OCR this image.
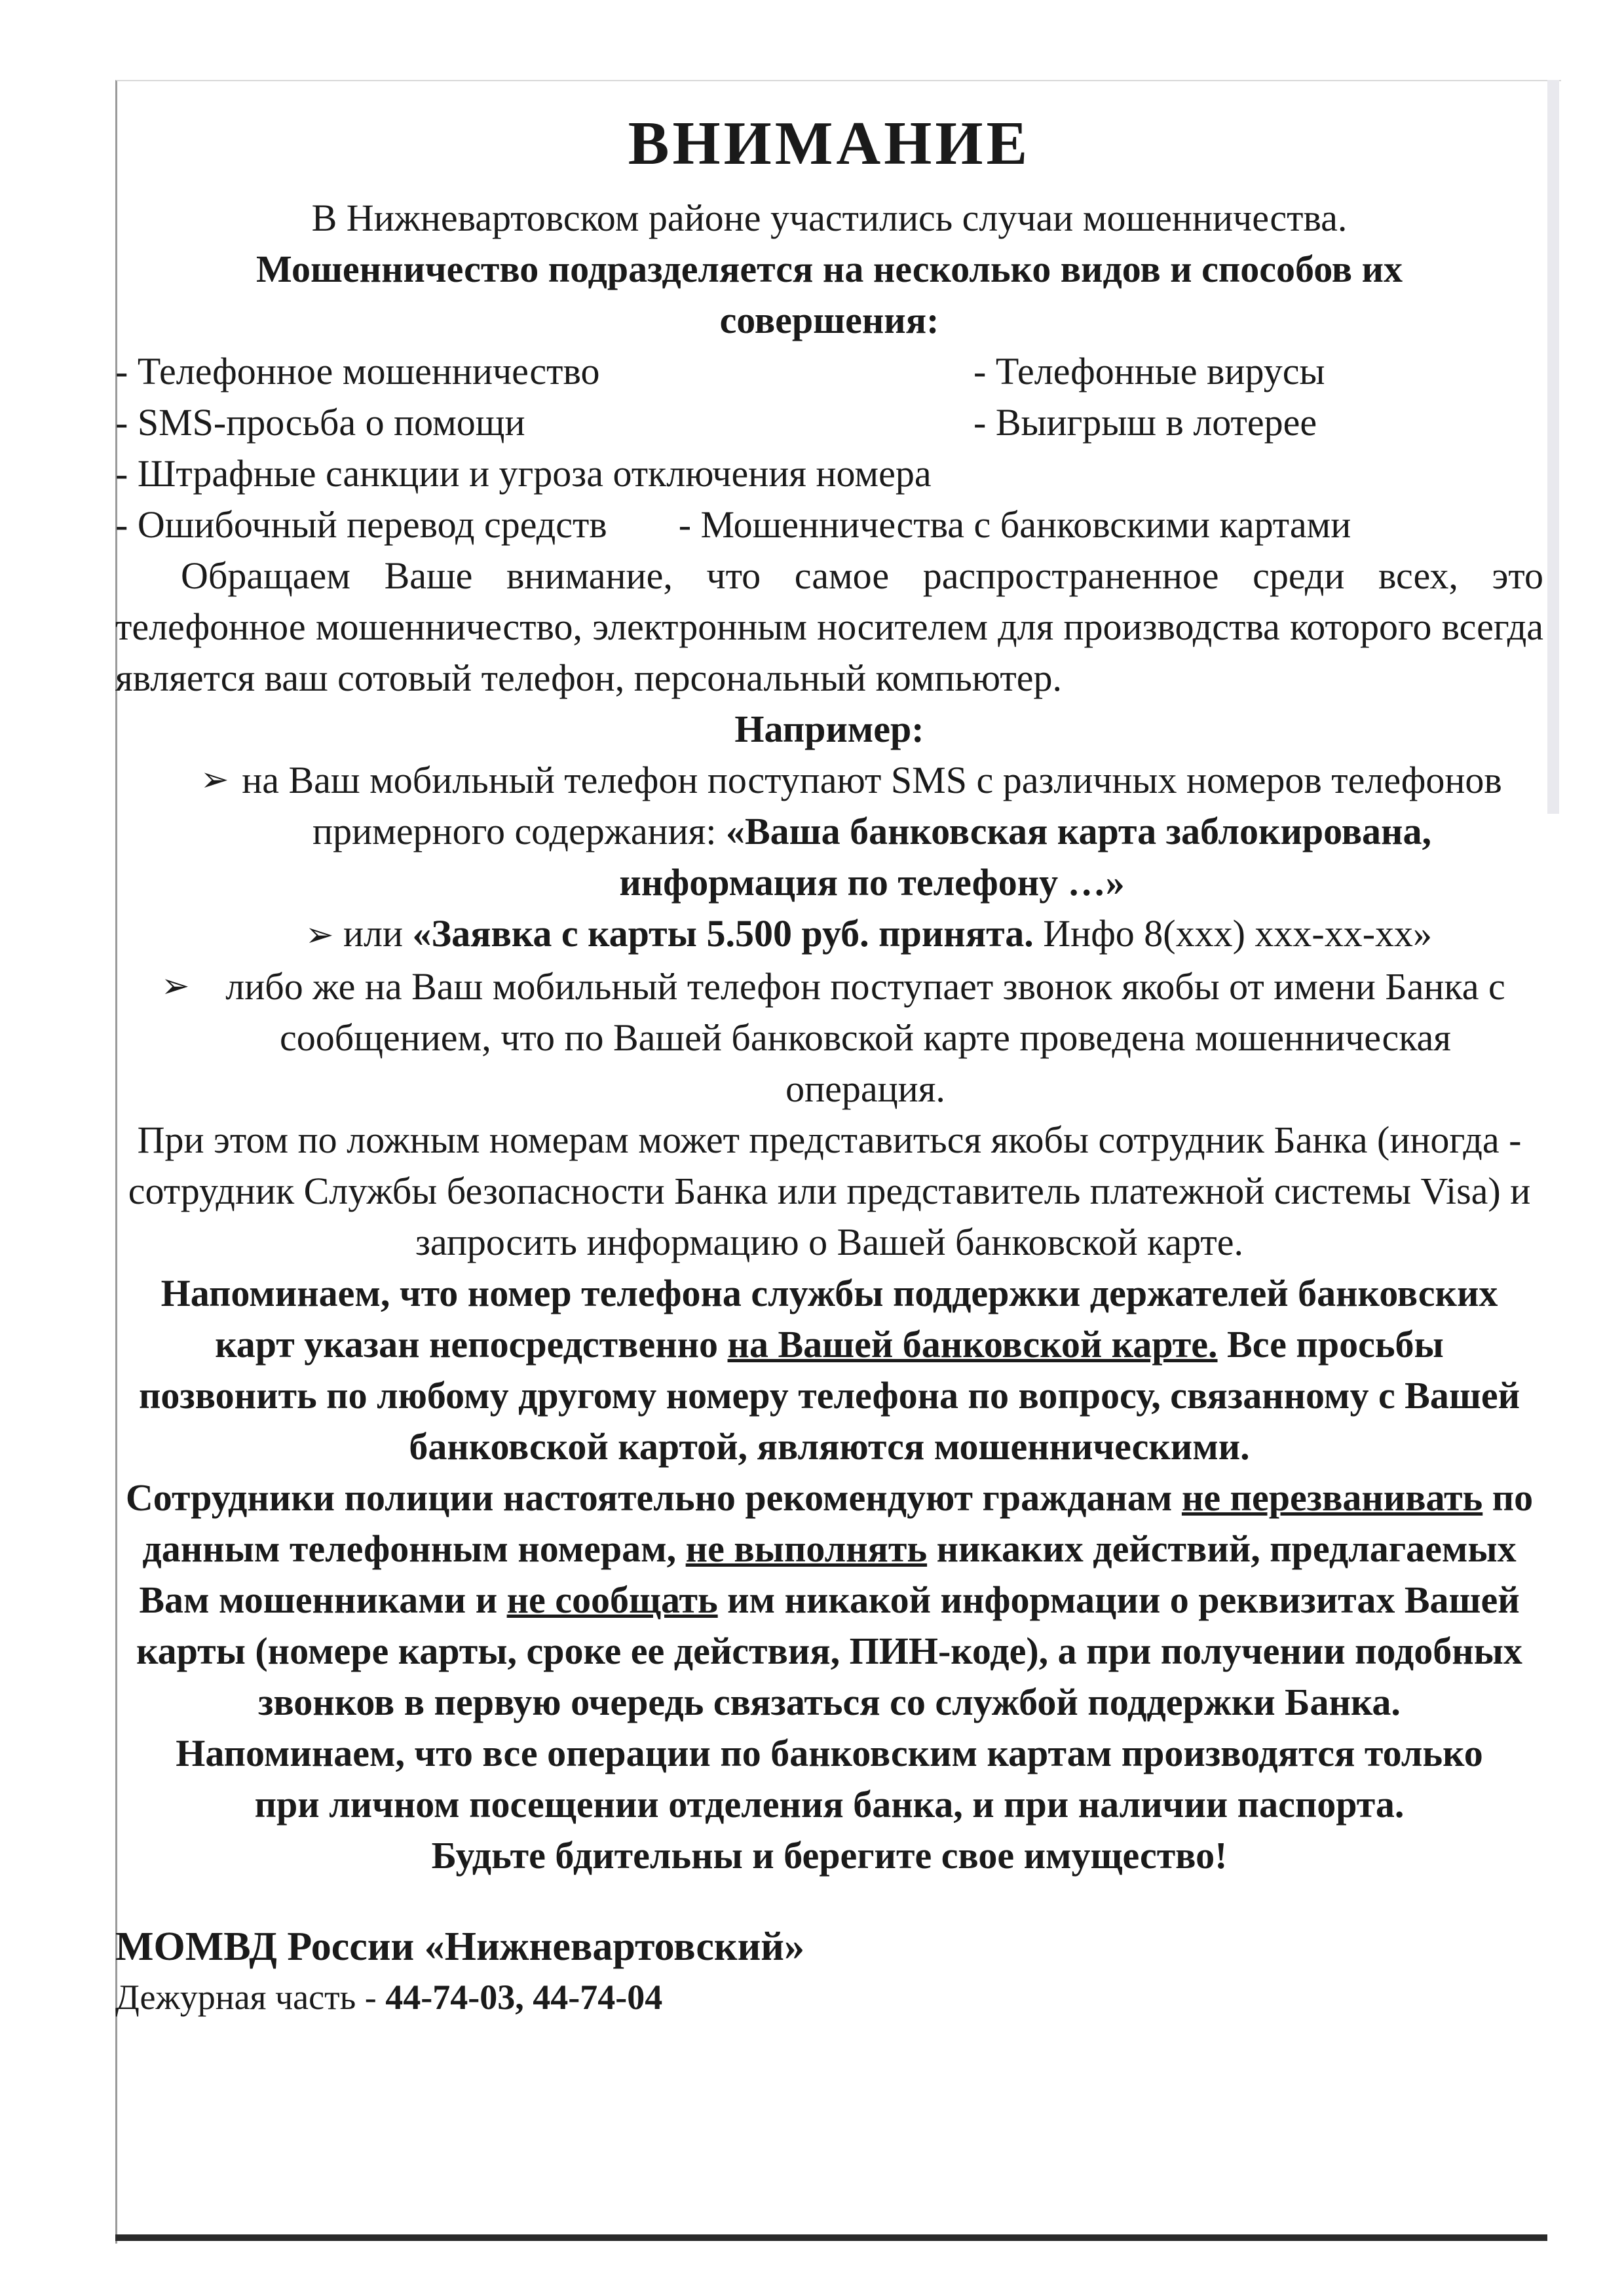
ВНИМАНИЕ
В Нижневартовском районе участились случаи мошенничества.
Мошенничество подразделяется на несколько видов и способов их совершения:
- Телефонное мошенничество	- Телефонные вирусы
- SMS-просьба о помощи	- Выигрыш в лотерее
- Штрафные санкции и угроза отключения номера
- Ошибочный перевод средств - Мошенничества с банковскими картами
Обращаем Ваше внимание, что самое распространенное среди всех, это телефонное мошенничество, электронным носителем для производства которого всегда является ваш сотовый телефон, персональный компьютер.
Например:
➢ на Ваш мобильный телефон поступают SMS с различных номеров телефонов примерного содержания: «Ваша банковская карта заблокирована, информация по телефону …»
➢ или «Заявка с карты 5.500 руб. принята. Инфо 8(ххх) ххх-хх-хх»
➢ либо же на Ваш мобильный телефон поступает звонок якобы от имени Банка с сообщением, что по Вашей банковской карте проведена мошенническая операция.
При этом по ложным номерам может представиться якобы сотрудник Банка (иногда - сотрудник Службы безопасности Банка или представитель платежной системы Visa) и запросить информацию о Вашей банковской карте.
Напоминаем, что номер телефона службы поддержки держателей банковских карт указан непосредственно на Вашей банковской карте. Все просьбы позвонить по любому другому номеру телефона по вопросу, связанному с Вашей банковской картой, являются мошенническими.
Сотрудники полиции настоятельно рекомендуют гражданам не перезванивать по данным телефонным номерам, не выполнять никаких действий, предлагаемых Вам мошенниками и не сообщать им никакой информации о реквизитах Вашей карты (номере карты, сроке ее действия, ПИН-коде), а при получении подобных звонков в первую очередь связаться со службой поддержки Банка.
Напоминаем, что все операции по банковским картам производятся только при личном посещении отделения банка, и при наличии паспорта.
Будьте бдительны и берегите свое имущество!
МОМВД России «Нижневартовский»
Дежурная часть - 44-74-03, 44-74-04
